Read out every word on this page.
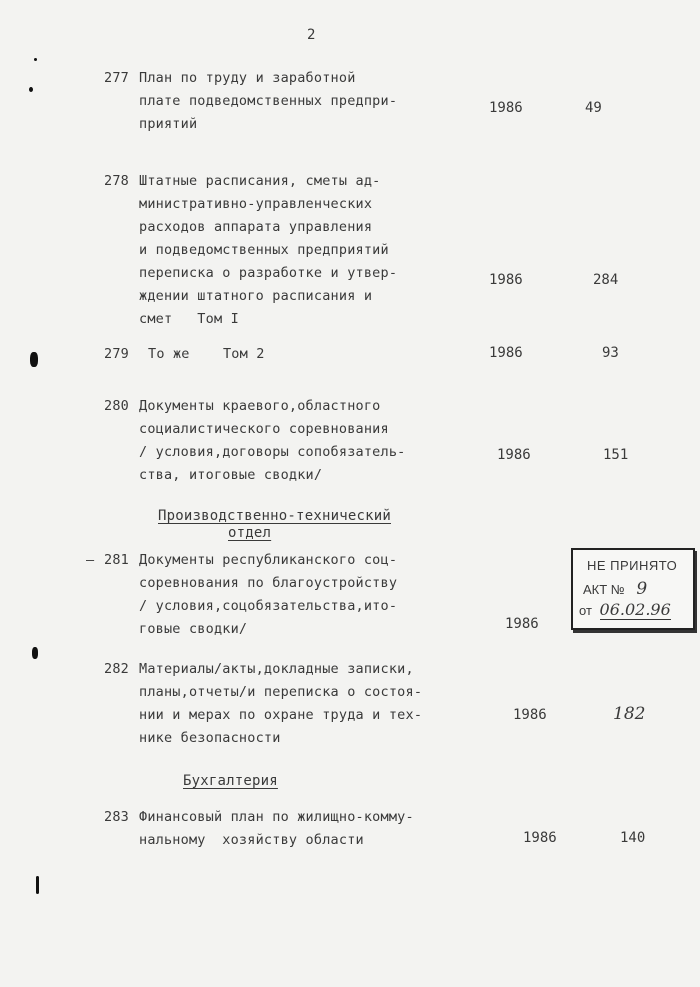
2
277 План по труду и заработной
плате подведомственных предпри-
приятий
1986	49
278 Штатные расписания, сметы ад-
министративно-управленческих
расходов аппарата управления
и подведомственных предприятий
переписка о разработке и утвер-
ждении штатного расписания и
смет   Том I
1986	284
279 То же    Том 2	1986	93
280 Документы краевого,областного
социалистического соревнования
/ условия,договоры сопобязатель-
ства, итоговые сводки/
1986	151
Производственно-технический
отдел
— 281 Документы республиканского соц-
соревнования по благоустройству
/ условия,соцобязательства,ито-
говые сводки/	1986
282 Материалы/акты,докладные записки,
планы,отчеты/и переписка о состоя-
нии и мерах по охране труда и тех-
нике безопасности
1986	182
Бухгалтерия
283 Финансовый план по жилищно-комму-
нальному  хозяйству области	1986	140
НЕ ПРИНЯТО
АКТ № 9
от 06.02.96
